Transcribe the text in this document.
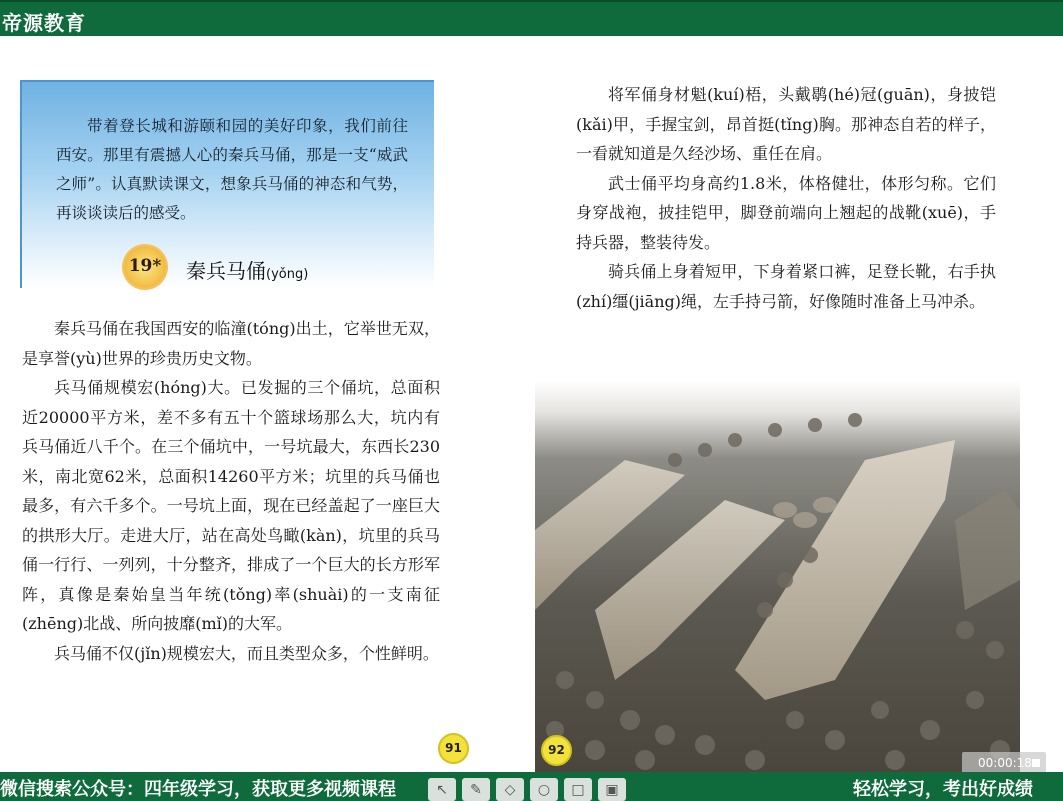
帝源教育
带着登长城和游颐和园的美好印象，我们前往西安。那里有震撼人心的秦兵马俑，那是一支“威武之师”。认真默读课文，想象兵马俑的神态和气势，再谈谈读后的感受。
19* 秦兵马俑(yǒng)

秦兵马俑在我国西安的临潼(tóng)出土，它举世无双，是享誉(yù)世界的珍贵历史文物。

兵马俑规模宏(hóng)大。已发掘的三个俑坑，总面积近20000平方米，差不多有五十个篮球场那么大，坑内有兵马俑近八千个。在三个俑坑中，一号坑最大，东西长230米，南北宽62米，总面积14260平方米；坑里的兵马俑也最多，有六千多个。一号坑上面，现在已经盖起了一座巨大的拱形大厅。走进大厅，站在高处鸟瞰(kàn)，坑里的兵马俑一行行、一列列，十分整齐，排成了一个巨大的长方形军阵，真像是秦始皇当年统(tǒng)率(shuài)的一支南征(zhēng)北战、所向披靡(mǐ)的大军。

兵马俑不仅(jǐn)规模宏大，而且类型众多，个性鲜明。

将军俑身材魁(kuí)梧，头戴鹖(hé)冠(guān)，身披铠(kǎi)甲，手握宝剑，昂首挺(tǐng)胸。那神态自若的样子，一看就知道是久经沙场、重任在肩。

武士俑平均身高约1.8米，体格健壮，体形匀称。它们身穿战袍，披挂铠甲，脚登前端向上翘起的战靴(xuē)，手持兵器，整装待发。

骑兵俑上身着短甲，下身着紧口裤，足登长靴，右手执(zhí)缰(jiāng)绳，左手持弓箭，好像随时准备上马冲杀。

91	92
00:00:18
微信搜索公众号：四年级学习，获取更多视频课程	轻松学习，考出好成绩
↖	✎	◇	○	□	▣
